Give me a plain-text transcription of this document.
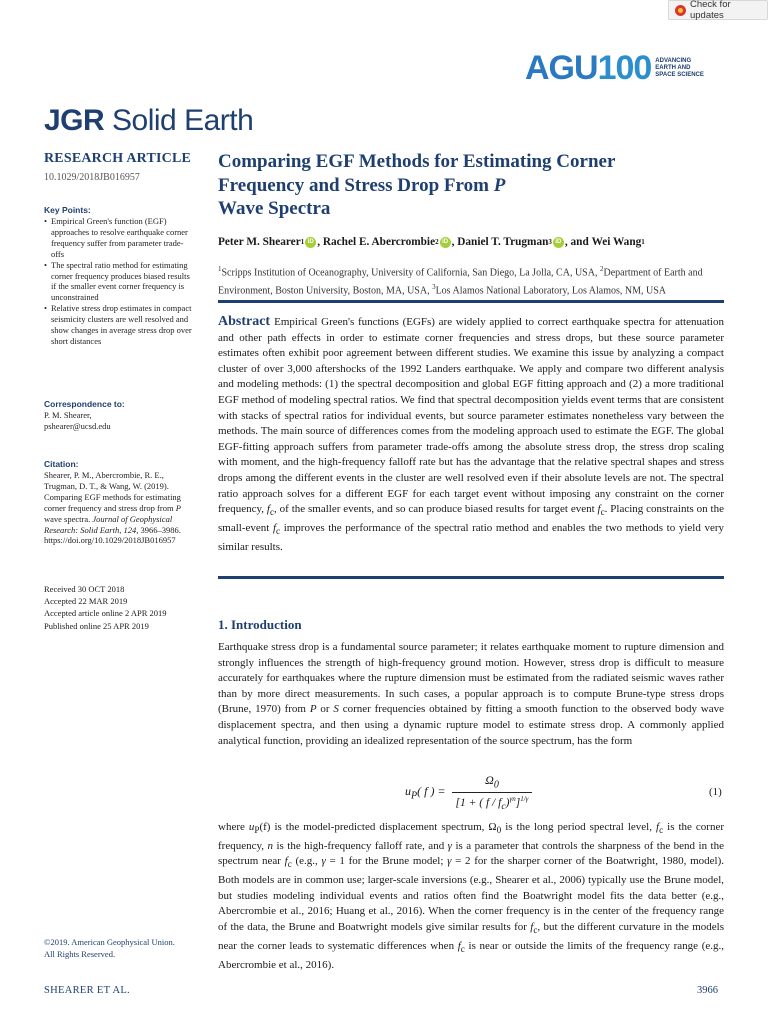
Check for updates
AGU100 ADVANCING
EARTH AND
SPACE SCIENCE
JGR Solid Earth
RESEARCH ARTICLE
10.1029/2018JB016957
Key Points:
• Empirical Green's function (EGF) approaches to resolve earthquake corner frequency suffer from parameter trade-offs
• The spectral ratio method for estimating corner frequency produces biased results if the smaller event corner frequency is unconstrained
• Relative stress drop estimates in compact seismicity clusters are well resolved and show changes in average stress drop over short distances
Correspondence to:
P. M. Shearer,
pshearer@ucsd.edu
Citation:
Shearer, P. M., Abercrombie, R. E., Trugman, D. T., & Wang, W. (2019). Comparing EGF methods for estimating corner frequency and stress drop from P wave spectra. Journal of Geophysical Research: Solid Earth, 124, 3966–3986. https://doi.org/10.1029/2018JB016957
Received 30 OCT 2018
Accepted 22 MAR 2019
Accepted article online 2 APR 2019
Published online 25 APR 2019
©2019. American Geophysical Union.
All Rights Reserved.
Comparing EGF Methods for Estimating Corner
Frequency and Stress Drop From P
Wave Spectra
Peter M. Shearer 1 iD , Rachel E. Abercrombie 2 iD , Daniel T. Trugman 3 iD , and Wei Wang 1
$^1$Scripps Institution of Oceanography, University of California, San Diego, La Jolla, CA, USA, $^2$Department of Earth and Environment, Boston University, Boston, MA, USA, $^3$Los Alamos National Laboratory, Los Alamos, NM, USA
Abstract Empirical Green's functions (EGFs) are widely applied to correct earthquake spectra for attenuation and other path effects in order to estimate corner frequencies and stress drops, but these source parameter estimates often exhibit poor agreement between different studies. We examine this issue by analyzing a compact cluster of over 3,000 aftershocks of the 1992 Landers earthquake. We apply and compare two different analysis and modeling methods: (1) the spectral decomposition and global EGF fitting approach and (2) a more traditional EGF method of modeling spectral ratios. We find that spectral decomposition yields event terms that are consistent with stacks of spectral ratios for individual events, but source parameter estimates nonetheless vary between the methods. The main source of differences comes from the modeling approach used to estimate the EGF. The global EGF-fitting approach suffers from parameter trade-offs among the absolute stress drop, the stress drop scaling with moment, and the high-frequency falloff rate but has the advantage that the relative spectral shapes and stress drops among the different events in the cluster are well resolved even if their absolute levels are not. The spectral ratio approach solves for a different EGF for each target event without imposing any constraint on the corner frequency, $f_c$, of the smaller events, and so can produce biased results for target event $f_c$. Placing constraints on the small-event $f_c$ improves the performance of the spectral ratio method and enables the two methods to yield very similar results.
1. Introduction
Earthquake stress drop is a fundamental source parameter; it relates earthquake moment to rupture dimension and strongly influences the strength of high-frequency ground motion. However, stress drop is difficult to measure accurately for earthquakes where the rupture dimension must be estimated from the radiated seismic waves rather than by more direct measurements. In such cases, a popular approach is to compute Brune-type stress drops (Brune, 1970) from P or S corner frequencies obtained by fitting a smooth function to the observed body wave displacement spectra, and then using a dynamic rupture model to estimate stress drop. A commonly applied analytical function, providing an idealized representation of the source spectrum, has the form
$u_P$( f ) = $\frac{\Omega_0}{[1 + ( f / f_c)^{\gamma n}]^{1/\gamma}}$	(1)
where $u_P(f)$ is the model-predicted displacement spectrum, $\Omega_0$ is the long period spectral level, $f_c$ is the corner frequency, n is the high-frequency falloff rate, and γ is a parameter that controls the sharpness of the bend in the spectrum near $f_c$ (e.g., γ = 1 for the Brune model; γ = 2 for the sharper corner of the Boatwright, 1980, model). Both models are in common use; larger-scale inversions (e.g., Shearer et al., 2006) typically use the Brune model, but studies modeling individual events and ratios often find the Boatwright model fits the data better (e.g., Abercrombie et al., 2016; Huang et al., 2016). When the corner frequency is in the center of the frequency range of the data, the Brune and Boatwright models give similar results for $f_c$, but the different curvature in the models near the corner leads to systematic differences when $f_c$ is near or outside the limits of the frequency range (e.g., Abercrombie et al., 2016).
SHEARER ET AL.	3966
